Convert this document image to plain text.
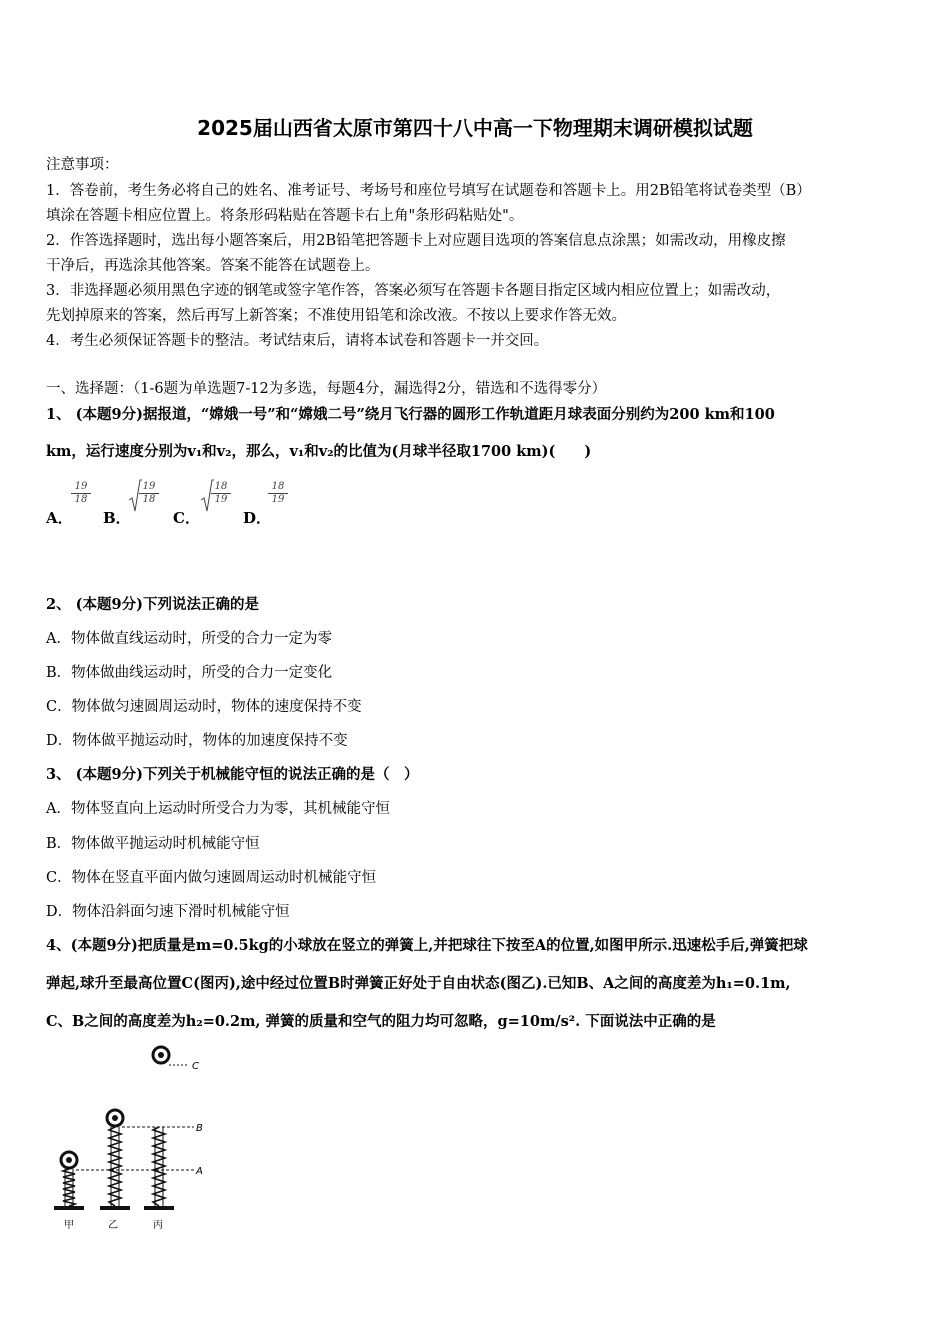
2025届山西省太原市第四十八中高一下物理期末调研模拟试题
注意事项：
1．答卷前，考生务必将自己的姓名、准考证号、考场号和座位号填写在试题卷和答题卡上。用2B铅笔将试卷类型（B）
填涂在答题卡相应位置上。将条形码粘贴在答题卡右上角"条形码粘贴处"。
2．作答选择题时，选出每小题答案后，用2B铅笔把答题卡上对应题目选项的答案信息点涂黑；如需改动，用橡皮擦
干净后，再选涂其他答案。答案不能答在试题卷上。
3．非选择题必须用黑色字迹的钢笔或签字笔作答，答案必须写在答题卡各题目指定区域内相应位置上；如需改动，
先划掉原来的答案，然后再写上新答案；不准使用铅笔和涂改液。不按以上要求作答无效。
4．考生必须保证答题卡的整洁。考试结束后，请将本试卷和答题卡一并交回。
一、选择题：（1-6题为单选题7-12为多选，每题4分，漏选得2分，错选和不选得零分）
1、 (本题9分)据报道，“嫦娥一号”和“嫦娥二号”绕月飞行器的圆形工作轨道距月球表面分别约为200 km和100
km，运行速度分别为v₁和v₂，那么，v₁和v₂的比值为(月球半径取1700 km)(　　)
A．
$\frac{19}{18}$
B．
$\frac{19}{18}$
C．
$\frac{18}{19}$
D．
$\frac{18}{19}$
2、 (本题9分)下列说法正确的是
A．物体做直线运动时，所受的合力一定为零
B．物体做曲线运动时，所受的合力一定变化
C．物体做匀速圆周运动时，物体的速度保持不变
D．物体做平抛运动时，物体的加速度保持不变
3、 (本题9分)下列关于机械能守恒的说法正确的是（　）
A．物体竖直向上运动时所受合力为零，其机械能守恒
B．物体做平抛运动时机械能守恒
C．物体在竖直平面内做匀速圆周运动时机械能守恒
D．物体沿斜面匀速下滑时机械能守恒
4、(本题9分)把质量是m=0.5kg的小球放在竖立的弹簧上,并把球往下按至A的位置,如图甲所示.迅速松手后,弹簧把球
弹起,球升至最高位置C(图丙),途中经过位置B时弹簧正好处于自由状态(图乙).已知B、A之间的高度差为h₁=0.1m,
C、B之间的高度差为h₂=0.2m, 弹簧的质量和空气的阻力均可忽略，g=10m/s². 下面说法中正确的是
C
B
A
甲	乙	丙
